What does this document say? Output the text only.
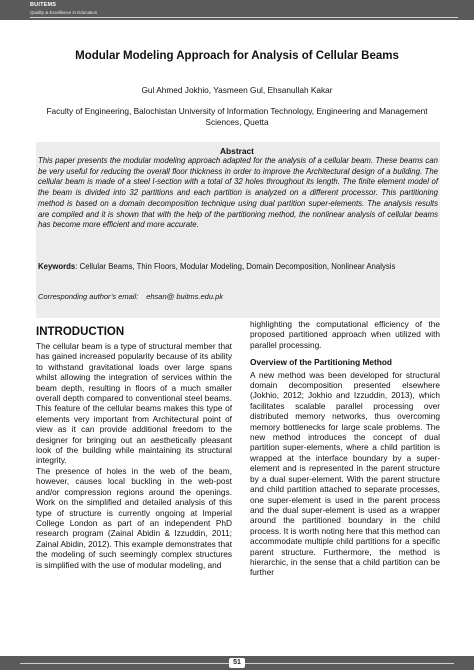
BUITEMS
Quality & Excellence in Education
Modular Modeling Approach for Analysis of Cellular Beams
Gul Ahmed Jokhio, Yasmeen Gul, Ehsanullah Kakar
Faculty of Engineering, Balochistan University of Information Technology, Engineering and Management Sciences, Quetta
Abstract
This paper presents the modular modeling approach adapted for the analysis of a cellular beam. These beams can be very useful for reducing the overall floor thickness in order to improve the Architectural design of a building. The cellular beam is made of a steel I-section with a total of 32 holes throughout its length. The finite element model of the beam is divided into 32 partitions and each partition is analyzed on a different processor. This partitioning method is based on a domain decomposition technique using dual partition super-elements. The analysis results are compiled and it is shown that with the help of the partitioning method, the nonlinear analysis of cellular beams has become more efficient and more accurate.
Keywords: Cellular Beams, Thin Floors, Modular Modeling, Domain Decomposition, Nonlinear Analysis
Corresponding author’s email: ehsan@ buitms.edu.pk
INTRODUCTION

The cellular beam is a type of structural member that has gained increased popularity because of its ability to withstand gravitational loads over large spans whilst allowing the integration of services within the beam depth, resulting in floors of a much smaller overall depth compared to conventional steel beams. This feature of the cellular beams makes this type of elements very important from Architectural point of view as it can provide additional freedom to the designer for bringing out an aesthetically pleasant look of the building while maintaining its structural integrity.

The presence of holes in the web of the beam, however, causes local buckling in the web-post and/or compression regions around the openings. Work on the simplified and detailed analysis of this type of structure is currently ongoing at Imperial College London as part of an independent PhD research program (Zainal Abidin & Izzuddin, 2011; Zainal Abidin, 2012). This example demonstrates that the modeling of such seemingly complex structures is simplified with the use of modular modeling, and

highlighting the computational efficiency of the proposed partitioned approach when utilized with parallel processing.

Overview of the Partitioning Method

A new method was been developed for structural domain decomposition presented elsewhere (Jokhio, 2012; Jokhio and Izzuddin, 2013), which facilitates scalable parallel processing over distributed memory networks, thus overcoming memory bottlenecks for large scale problems. The new method introduces the concept of dual partition super-elements, where a child partition is wrapped at the interface boundary by a super-element and is represented in the parent structure by a dual super-element. With the parent structure and child partition attached to separate processes, one super-element is used in the parent process and the dual super-element is used as a wrapper around the partitioned boundary in the child process. It is worth noting here that this method can accommodate multiple child partitions for a specific parent structure. Furthermore, the method is hierarchic, in the sense that a child partition can be further

51
